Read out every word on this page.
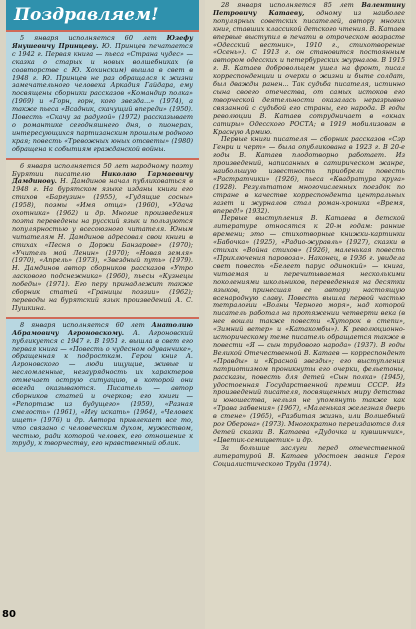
Поздравляем!

5 января исполняется 60 лет Юзефу Янушевичу Принцеву. Ю. Принцев печатается с 1942 г. Первая книга — пьеса «Страна чудес» — сказка о старых и новых волшебниках (в соавторстве с Ю. Хохинским) вышла в свет в 1948 г. Ю. Принцев не раз обращался к жизни замечательного человека Аркадия Гайдара, ему посвящены сборники рассказов «Командир полка» (1969) и «Горн, горн, кого звезда...» (1974), а также пьеса «Всадник, скачущий впереди» (1950). Повесть «Скачу за радугой» (1972) рассказывает о романтике сегодняшнего дня, о пионерах, интересующихся партизанским прошлым родного края; повесть «Тревожных юных отсветы» (1980) обращена к событиям гражданской войны.

6 января исполняется 50 лет народному поэту Бурятии писателю Николаю Гармаевичу Дамдинову. Н. Дамдинов начал публиковаться в 1948 г. На бурятском языке изданы книги его стихов «Баргузин» (1955), «Гудящие сосны» (1958), поэмы «Имя отца» (1960), «Удача охотника» (1962) и др. Многие произведения поэта переведены на русский язык и пользуются популярностью у всесоюзного читателя. Юным читателям Н. Дамдинов адресовал свои книги в стихах «Песня о Доржи Банзарове» (1970); «Учитель мой Ленин» (1970); «Новая земля» (1970), «Апрель» (1973), «Звездный путь» (1979). Н. Дамдинов автор сборников рассказов «Утро ласкового подснежника» (1960), пьесы «Кузнецы победы» (1971). Его перу принадлежит также сборник статей «Границы поэзии» (1962); переводы на бурятский язык произведений А. С. Пушкина.

8 января исполняется 60 лет Анатолию Абрамовичу Агроновскому. А. Агроновский публикуется с 1947 г. В 1951 г. вышла в свет его первая книга — «Повесть о чудесном одуванчике», обращенная к подросткам. Герои книг А. Агроновского — люди ищущие, живые и несломленные, незаурядность их характеров отмечает острую ситуацию, в которой они всегда оказываются. Писатель — автор сборников статей и очерков; его книги — «Репортаж из будущего» (1959), «Разная смелость» (1961), «Игу искать» (1964), «Человек ищет» (1976) и др. Автора привлекает все то, что связано с человеческим духом, мужеством, честью, ради которой человек, его отношение к труду, к творчеству, его нравственный облик.

28 января исполняется 85 лет Валентину Петровичу Катаеву, одному из наиболее популярных советских писателей, автору многих книг, ставших классикой детского чтения. В. Катаев впервые выступил в печати в отроческом возрасте «Одесский вестник», 1910 г., стихотворение «Осень»). С 1913 г. он становится постоянным автором одесских и петербургских журналов. В 1915 г. В. Катаев добровольцем ушел на фронт, писал корреспонденции и очерки о жизни и быте солдат, был дважды ранен... Так судьба писателя, истинно сына своего отечества, от самых истоков его творческой деятельности оказалась неразрывно связанной с судьбой его страны, его народа. В годы революции В. Катаев сотрудничает в «окнах сатиры» Одесского РОСТА; в 1919 мобилизован в Красную Армию.

Первые книги писателя — сборник рассказов «Сэр Генри и черт» — была опубликована в 1923 г. В 20-е годы В. Катаев плодотворно работает. Из произведений, написанных в сатирическом жанре, наибольшую известность приобрели повесть «Растратчики» (1926), пьеса «Квадратура круга» (1928). Результатом многочисленных поездок по стране в качестве корреспондента центральных газет и журналов стал роман-хроника «Время, вперед!» (1932).

Первые выступления В. Катаева в детской литературе относятся к 20-м годам: ранние времени; это — стихотворные книжки-картинки «Бабочка» (1925), «Радио-журавль» (1927), сказки в стихах «Война стихов» (1926), маленькая повесть «Приключения паровоза». Наконец, в 1936 г. увидела свет повесть «Белеет парус одинокий» — книга, читаемая и перечитываемая несколькими поколениями школьников, переведенная на десятки языков, принесшая ее автору настоящую всенародную славу. Повесть вышла первой частью тетралогии «Волны Черного моря», над которой писатель работал на протяжении четверти века (в нее вошли также повести «Хуторок в степи», «Зимний ветер» и «Катакомбы»). К революционно-историческому теме писатель обращается также в повести «Я — сын трудового народа» (1937). В годы Великой Отечественной В. Катаев — корреспондент «Правды» и «Красной звезды»; его выступления патриотизмом проникнуты его очерки, фельетоны, рассказы, повесть для детей «Сын полка» (1945), удостоенная Государственной премии СССР. Из произведений писателя, посвященных миру детства и юношества, нельзя не упомянуть также как «Трава забвения» (1967), «Маленькая железная дверь в стене» (1965), «Разбитая жизнь, или Волшебный рог Оберона» (1973). Многократно переиздаются для детей сказки В. Катаева «Дудочка и кувшинчик», «Цветик-семицветик» и др.

За большие заслуги перед отечественной литературой В. Катаев удостоен звания Героя Социалистического Труда (1974).

80
